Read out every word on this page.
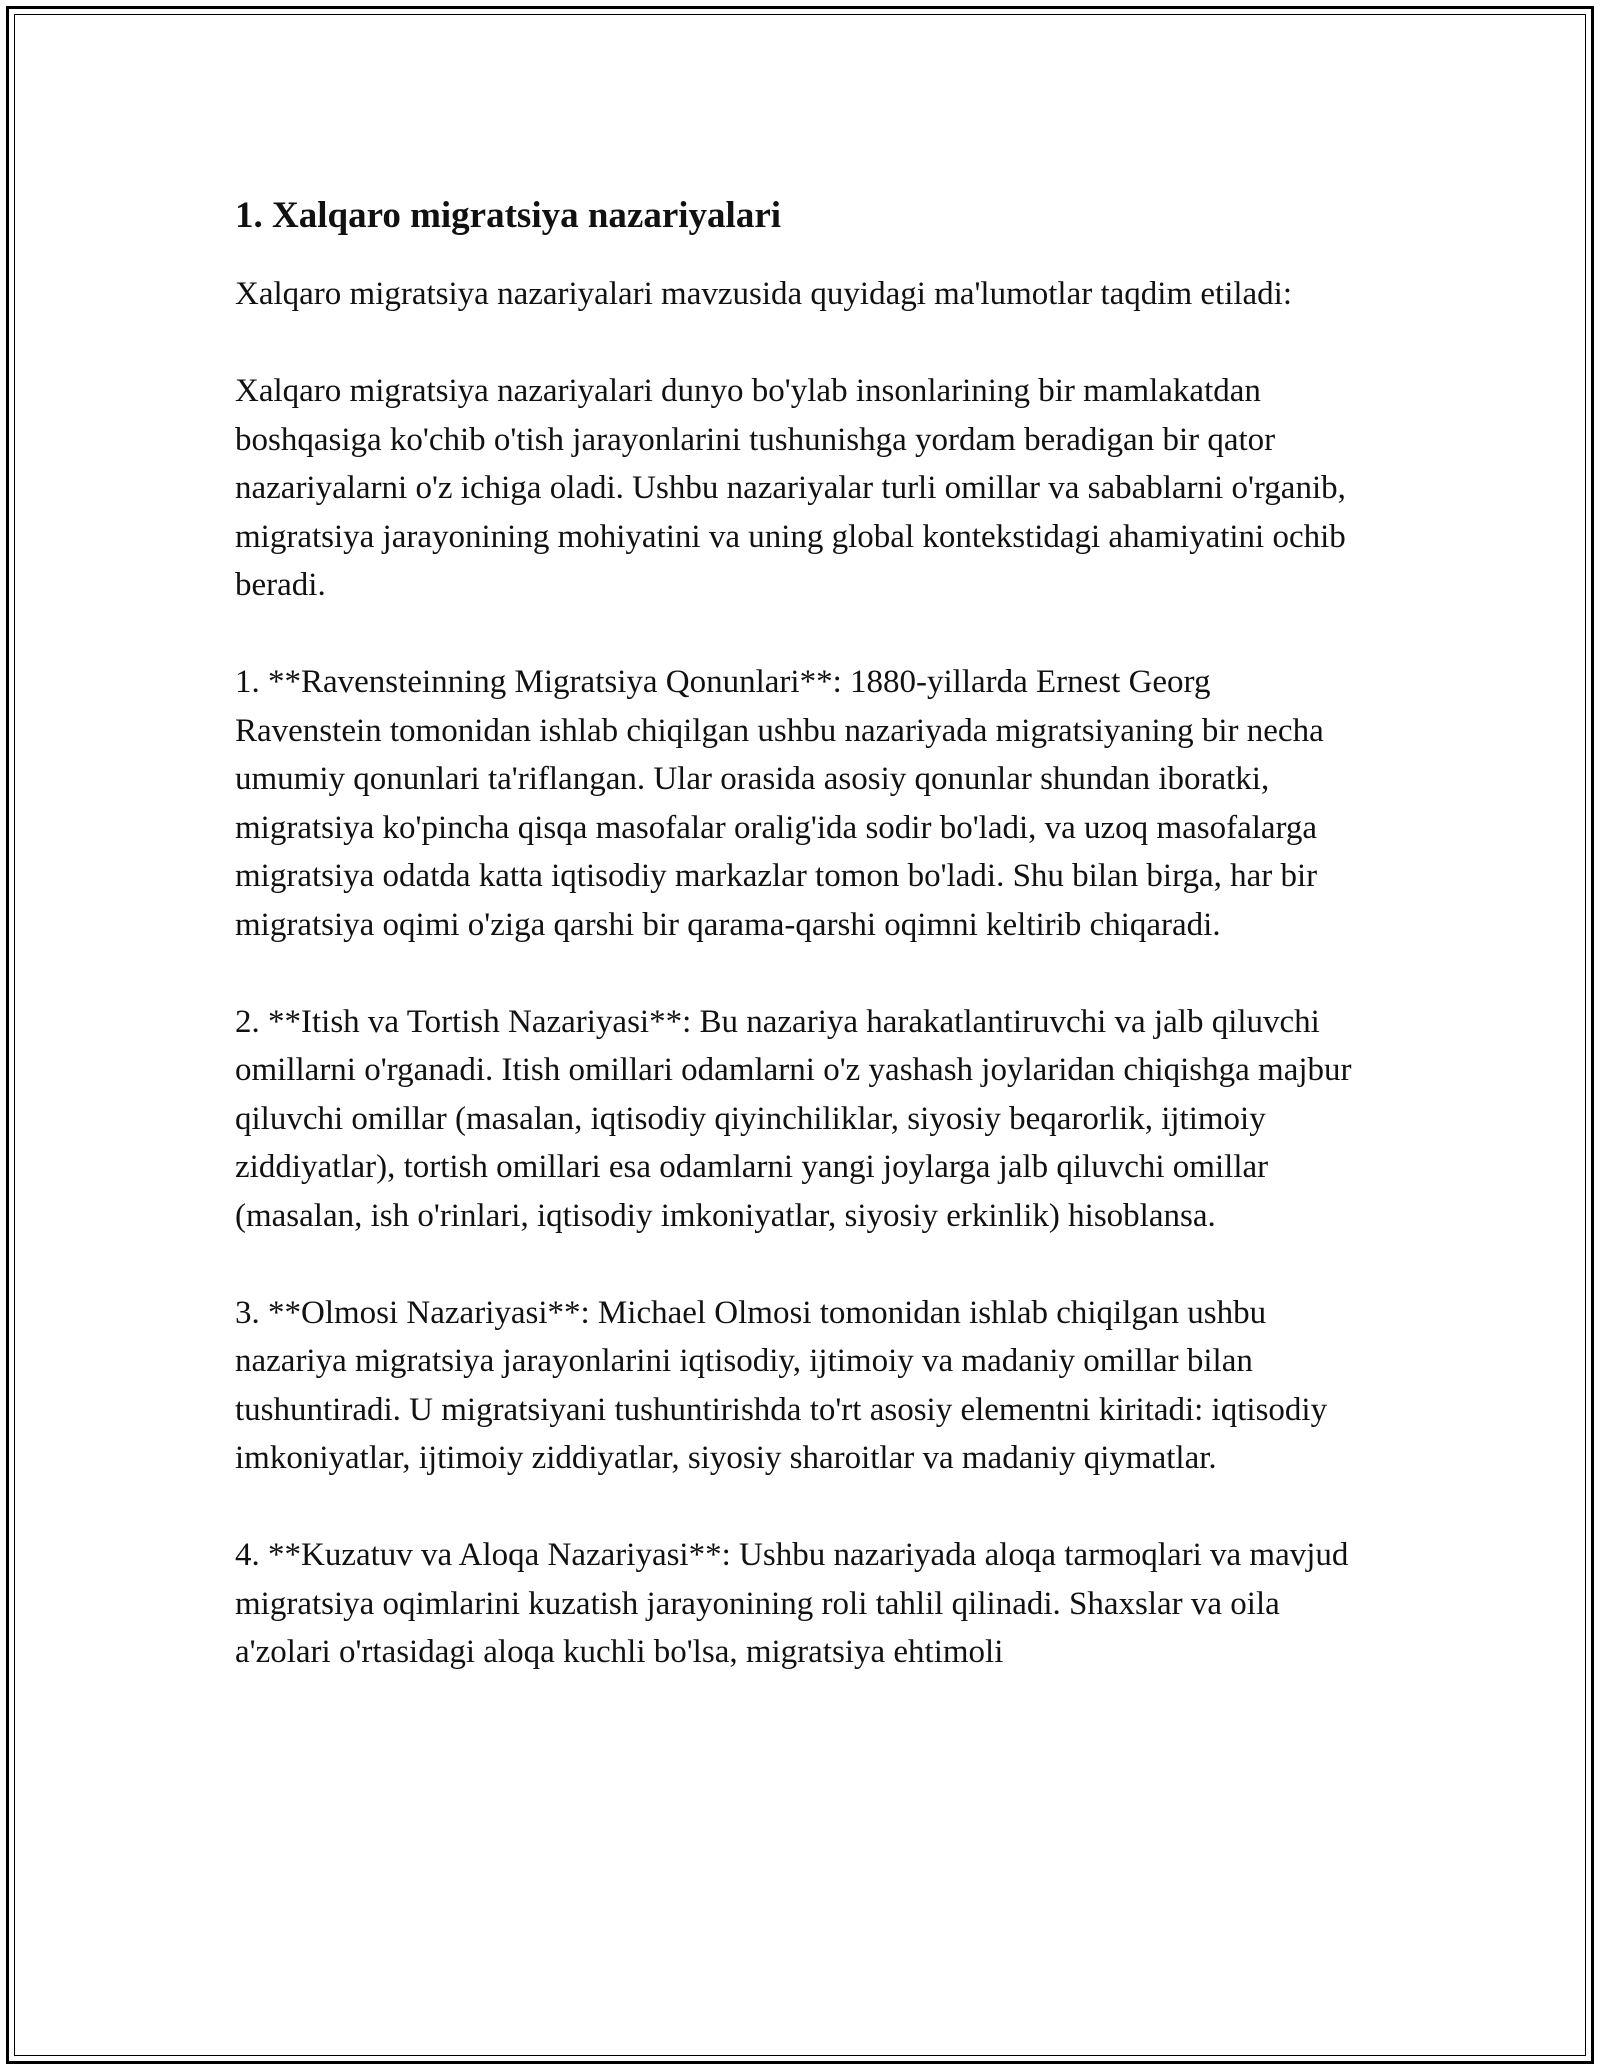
1. Xalqaro migratsiya nazariyalari

Xalqaro migratsiya nazariyalari mavzusida quyidagi ma'lumotlar taqdim etiladi:

Xalqaro migratsiya nazariyalari dunyo bo'ylab insonlarining bir mamlakatdan boshqasiga ko'chib o'tish jarayonlarini tushunishga yordam beradigan bir qator nazariyalarni o'z ichiga oladi. Ushbu nazariyalar turli omillar va sabablarni o'rganib, migratsiya jarayonining mohiyatini va uning global kontekstidagi ahamiyatini ochib beradi.

1. **Ravensteinning Migratsiya Qonunlari**: 1880-yillarda Ernest Georg Ravenstein tomonidan ishlab chiqilgan ushbu nazariyada migratsiyaning bir necha umumiy qonunlari ta'riflangan. Ular orasida asosiy qonunlar shundan iboratki, migratsiya ko'pincha qisqa masofalar oralig'ida sodir bo'ladi, va uzoq masofalarga migratsiya odatda katta iqtisodiy markazlar tomon bo'ladi. Shu bilan birga, har bir migratsiya oqimi o'ziga qarshi bir qarama-qarshi oqimni keltirib chiqaradi.

2. **Itish va Tortish Nazariyasi**: Bu nazariya harakatlantiruvchi va jalb qiluvchi omillarni o'rganadi. Itish omillari odamlarni o'z yashash joylaridan chiqishga majbur qiluvchi omillar (masalan, iqtisodiy qiyinchiliklar, siyosiy beqarorlik, ijtimoiy ziddiyatlar), tortish omillari esa odamlarni yangi joylarga jalb qiluvchi omillar (masalan, ish o'rinlari, iqtisodiy imkoniyatlar, siyosiy erkinlik) hisoblansa.

3. **Olmosi Nazariyasi**: Michael Olmosi tomonidan ishlab chiqilgan ushbu nazariya migratsiya jarayonlarini iqtisodiy, ijtimoiy va madaniy omillar bilan tushuntiradi. U migratsiyani tushuntirishda to'rt asosiy elementni kiritadi: iqtisodiy imkoniyatlar, ijtimoiy ziddiyatlar, siyosiy sharoitlar va madaniy qiymatlar.

4. **Kuzatuv va Aloqa Nazariyasi**: Ushbu nazariyada aloqa tarmoqlari va mavjud migratsiya oqimlarini kuzatish jarayonining roli tahlil qilinadi. Shaxslar va oila a'zolari o'rtasidagi aloqa kuchli bo'lsa, migratsiya ehtimoli
